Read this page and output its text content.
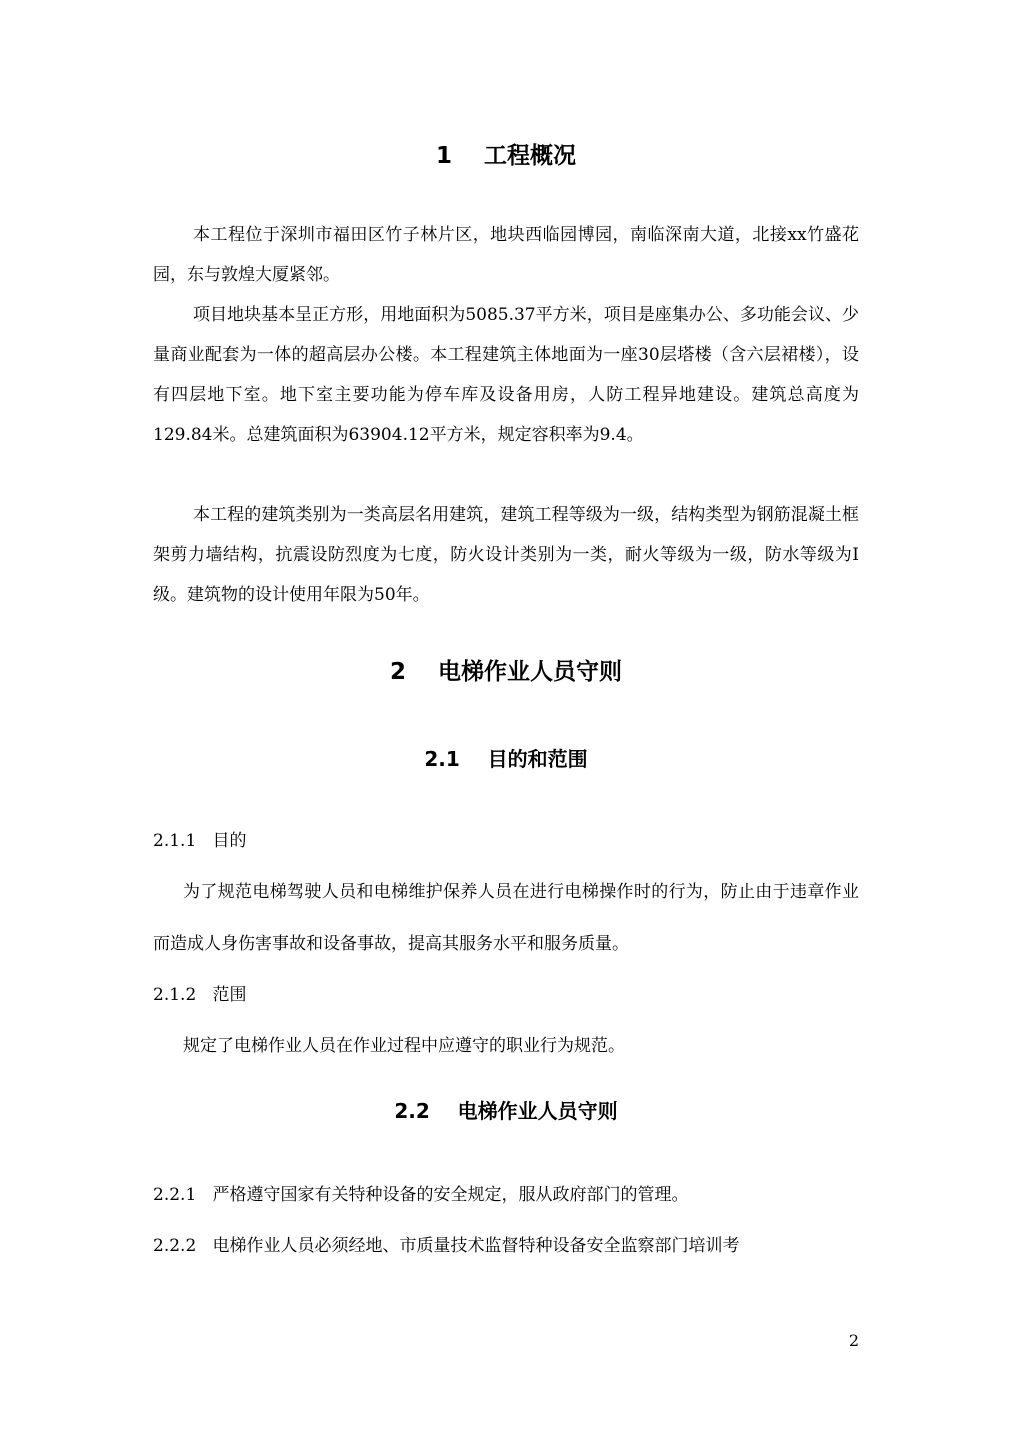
1    工程概况

本工程位于深圳市福田区竹子林片区，地块西临园博园，南临深南大道，北接xx竹盛花园，东与敦煌大厦紧邻。

项目地块基本呈正方形，用地面积为5085.37平方米，项目是座集办公、多功能会议、少量商业配套为一体的超高层办公楼。本工程建筑主体地面为一座30层塔楼（含六层裙楼），设有四层地下室。地下室主要功能为停车库及设备用房，人防工程异地建设。建筑总高度为129.84米。总建筑面积为63904.12平方米，规定容积率为9.4。

本工程的建筑类别为一类高层名用建筑，建筑工程等级为一级，结构类型为钢筋混凝土框架剪力墙结构，抗震设防烈度为七度，防火设计类别为一类，耐火等级为一级，防水等级为Ⅰ级。建筑物的设计使用年限为50年。

2    电梯作业人员守则
2.1    目的和范围

2.1.1   目的

为了规范电梯驾驶人员和电梯维护保养人员在进行电梯操作时的行为，防止由于违章作业而造成人身伤害事故和设备事故，提高其服务水平和服务质量。

2.1.2   范围

规定了电梯作业人员在作业过程中应遵守的职业行为规范。

2.2    电梯作业人员守则

2.2.1   严格遵守国家有关特种设备的安全规定，服从政府部门的管理。

2.2.2   电梯作业人员必须经地、市质量技术监督特种设备安全监察部门培训考

2
